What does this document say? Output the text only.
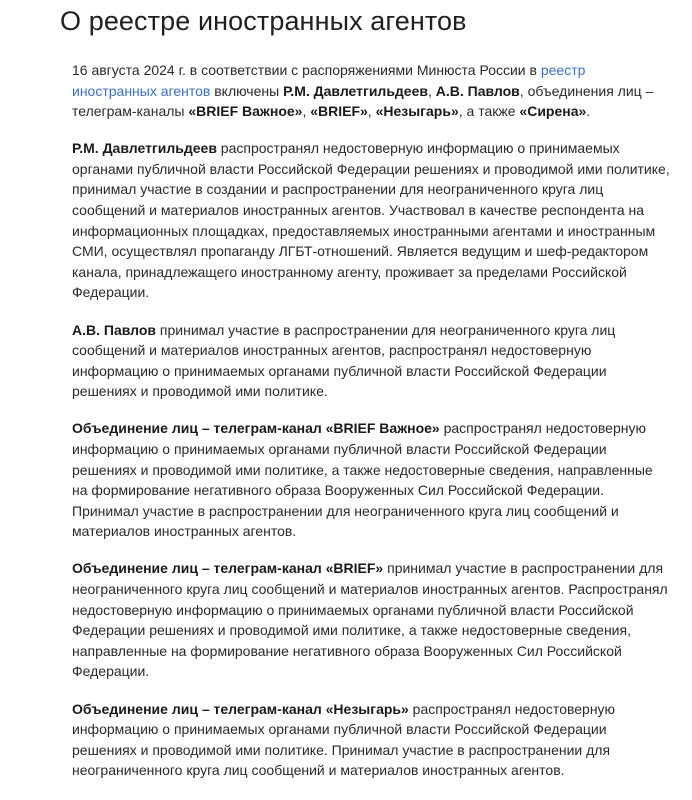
О реестре иностранных агентов

16 августа 2024 г. в соответствии с распоряжениями Минюста России в реестр иностранных агентов включены Р.М. Давлетгильдеев, А.В. Павлов, объединения лиц – телеграм-каналы «BRIEF Важное», «BRIEF», «Незыгарь», а также «Сирена».

Р.М. Давлетгильдеев распространял недостоверную информацию о принимаемых органами публичной власти Российской Федерации решениях и проводимой ими политике, принимал участие в создании и распространении для неограниченного круга лиц сообщений и материалов иностранных агентов. Участвовал в качестве респондента на информационных площадках, предоставляемых иностранными агентами и иностранным СМИ, осуществлял пропаганду ЛГБТ-отношений. Является ведущим и шеф-редактором канала, принадлежащего иностранному агенту, проживает за пределами Российской Федерации.

А.В. Павлов принимал участие в распространении для неограниченного круга лиц сообщений и материалов иностранных агентов, распространял недостоверную информацию о принимаемых органами публичной власти Российской Федерации решениях и проводимой ими политике.

Объединение лиц – телеграм-канал «BRIEF Важное» распространял недостоверную информацию о принимаемых органами публичной власти Российской Федерации решениях и проводимой ими политике, а также недостоверные сведения, направленные на формирование негативного образа Вооруженных Сил Российской Федерации. Принимал участие в распространении для неограниченного круга лиц сообщений и материалов иностранных агентов.

Объединение лиц – телеграм-канал «BRIEF» принимал участие в распространении для неограниченного круга лиц сообщений и материалов иностранных агентов. Распространял недостоверную информацию о принимаемых органами публичной власти Российской Федерации решениях и проводимой ими политике, а также недостоверные сведения, направленные на формирование негативного образа Вооруженных Сил Российской Федерации.

Объединение лиц – телеграм-канал «Незыгарь» распространял недостоверную информацию о принимаемых органами публичной власти Российской Федерации решениях и проводимой ими политике. Принимал участие в распространении для неограниченного круга лиц сообщений и материалов иностранных агентов.
